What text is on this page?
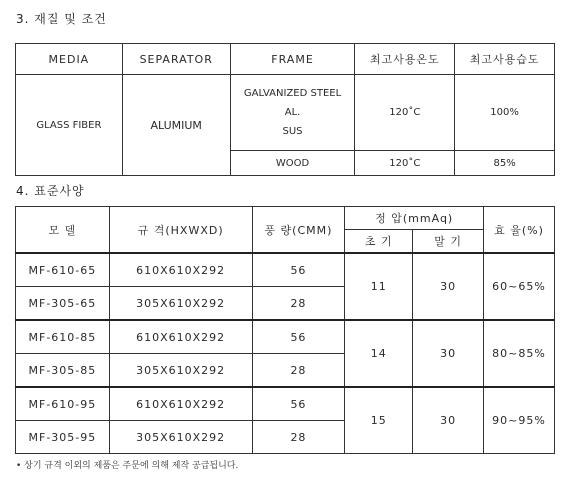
3. 재질 및 조건
MEDIA	SEPARATOR	FRAME	최고사용온도	최고사용습도
GLASS FIBER	ALUMIUM	GALVANIZED STEEL
AL.
SUS	120˚C	100%
		WOOD	120˚C	85%
4. 표준사양
모 델	규 격(HXWXD)	풍 량(CMM)	정 압(mmAq)		효 율(%)
			초 기	말 기	
MF-610-65	610X610X292	56	11	30	60~65%
MF-305-65	305X610X292	28			
MF-610-85	610X610X292	56	14	30	80~85%
MF-305-85	305X610X292	28			
MF-610-95	610X610X292	56	15	30	90~95%
MF-305-95	305X610X292	28			
• 상기 규격 이외의 제품은 주문에 의해 제작 공급됩니다.
